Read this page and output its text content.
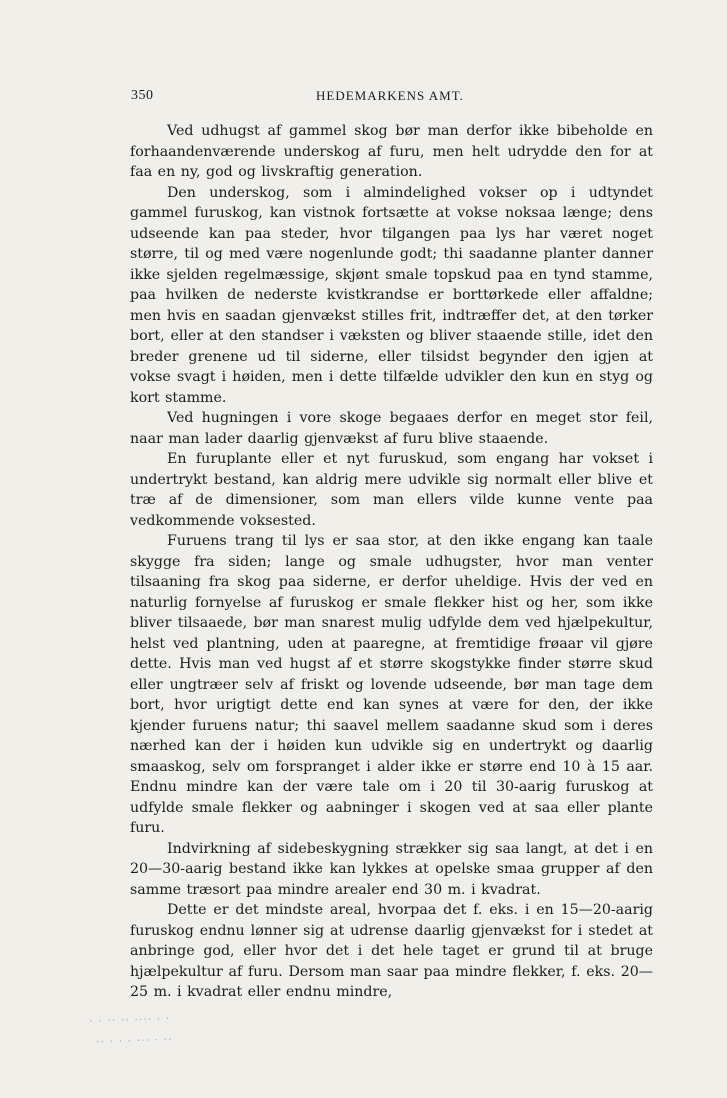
350	HEDEMARKENS AMT.

Ved udhugst af gammel skog bør man derfor ikke bibeholde en forhaandenværende underskog af furu, men helt udrydde den for at faa en ny, god og livskraftig generation.

Den underskog, som i almindelighed vokser op i udtyndet gammel furuskog, kan vistnok fortsætte at vokse noksaa længe; dens udseende kan paa steder, hvor tilgangen paa lys har været noget større, til og med være nogenlunde godt; thi saadanne planter danner ikke sjelden regelmæssige, skjønt smale topskud paa en tynd stamme, paa hvilken de nederste kvistkrandse er borttørkede eller affaldne; men hvis en saadan gjenvækst stilles frit, indtræffer det, at den tørker bort, eller at den standser i væksten og bliver staaende stille, idet den breder grenene ud til siderne, eller tilsidst begynder den igjen at vokse svagt i høiden, men i dette tilfælde udvikler den kun en styg og kort stamme.

Ved hugningen i vore skoge begaaes derfor en meget stor feil, naar man lader daarlig gjenvækst af furu blive staaende.

En furuplante eller et nyt furuskud, som engang har vokset i undertrykt bestand, kan aldrig mere udvikle sig normalt eller blive et træ af de dimensioner, som man ellers vilde kunne vente paa vedkommende voksested.

Furuens trang til lys er saa stor, at den ikke engang kan taale skygge fra siden; lange og smale udhugster, hvor man venter tilsaaning fra skog paa siderne, er derfor uheldige. Hvis der ved en naturlig fornyelse af furuskog er smale flekker hist og her, som ikke bliver tilsaaede, bør man snarest mulig udfylde dem ved hjælpekultur, helst ved plantning, uden at paaregne, at fremtidige frøaar vil gjøre dette. Hvis man ved hugst af et større skogstykke finder større skud eller ungtræer selv af friskt og lovende udseende, bør man tage dem bort, hvor urigtigt dette end kan synes at være for den, der ikke kjender furuens natur; thi saavel mellem saadanne skud som i deres nærhed kan der i høiden kun udvikle sig en undertrykt og daarlig smaaskog, selv om forspranget i alder ikke er større end 10 à 15 aar. Endnu mindre kan der være tale om i 20 til 30-aarig furuskog at udfylde smale flekker og aabninger i skogen ved at saa eller plante furu.

Indvirkning af sidebeskygning strækker sig saa langt, at det i en 20—30-aarig bestand ikke kan lykkes at opelske smaa grupper af den samme træsort paa mindre arealer end 30 m. i kvadrat.

Dette er det mindste areal, hvorpaa det f. eks. i en 15—20-aarig furuskog endnu lønner sig at udrense daarlig gjenvækst for i stedet at anbringe god, eller hvor det i det hele taget er grund til at bruge hjælpekultur af furu. Dersom man saar paa mindre flekker, f. eks. 20—25 m. i kvadrat eller endnu mindre,

· · ·· ·· ···· · ·
·· · · · ··· · ··
